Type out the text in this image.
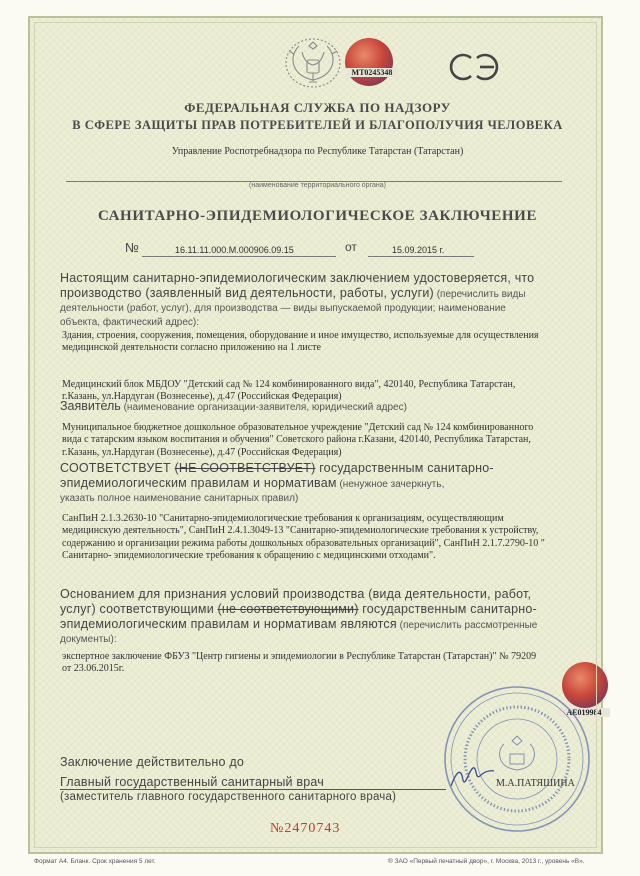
МТ0245348
ФЕДЕРАЛЬНАЯ СЛУЖБА ПО НАДЗОРУ
В СФЕРЕ ЗАЩИТЫ ПРАВ ПОТРЕБИТЕЛЕЙ И БЛАГОПОЛУЧИЯ ЧЕЛОВЕКА
Управление Роспотребнадзора по Республике Татарстан (Татарстан)
(наименование территориального органа)
САНИТАРНО-ЭПИДЕМИОЛОГИЧЕСКОЕ ЗАКЛЮЧЕНИЕ
№	16.11.11.000.М.000906.09.15	от	15.09.2015 г.
Настоящим санитарно-эпидемиологическим заключением удостоверяется, что
производство (заявленный вид деятельности, работы, услуги) (перечислить виды
деятельности (работ, услуг), для производства — виды выпускаемой продукции; наименование
объекта, фактический адрес):
Здания, строения, сооружения, помещения, оборудование и иное имущество, используемые для осуществления
медицинской деятельности согласно приложению на 1 листе
Медицинский блок МБДОУ "Детский сад № 124 комбинированного вида", 420140, Республика Татарстан,
г.Казань, ул.Нардуган (Вознесенье), д.47 (Российская Федерация)
Заявитель (наименование организации-заявителя, юридический адрес)
Муниципальное бюджетное дошкольное образовательное учреждение "Детский сад № 124 комбинированного
вида с татарским языком воспитания и обучения" Советского района г.Казани, 420140, Республика Татарстан,
г.Казань, ул.Нардуган (Вознесенье), д.47 (Российская Федерация)
СООТВЕТСТВУЕТ (НЕ СООТВЕТСТВУЕТ) государственным санитарно-
эпидемиологическим правилам и нормативам (ненужное зачеркнуть,
указать полное наименование санитарных правил)
СанПиН 2.1.3.2630-10 "Санитарно-эпидемиологические требования к организациям, осуществляющим
медицинскую деятельность", СанПиН 2.4.1.3049-13 "Санитарно-эпидемиологические требования к устройству,
содержанию и организации режима работы дошкольных образовательных организаций", СанПиН 2.1.7.2790-10 "
Санитарно- эпидемиологические требования к обращению с медицинскими отходами".
Основанием для признания условий производства (вида деятельности, работ,
услуг) соответствующими (не соответствующими) государственным санитарно-
эпидемиологическим правилам и нормативам являются (перечислить рассмотренные
документы):
экспертное заключение ФБУЗ "Центр гигиены и эпидемиологии в Республике Татарстан (Татарстан)" № 79209
от 23.06.2015г.
АЕ019984
Заключение действительно до
Главный государственный санитарный врач
(заместитель главного государственного санитарного врача)
М.А.ПАТЯШИНА
№2470743
Формат А4. Бланк. Срок хранения 5 лет.	® ЗАО «Первый печатный двор», г. Москва, 2013 г., уровень «В».
